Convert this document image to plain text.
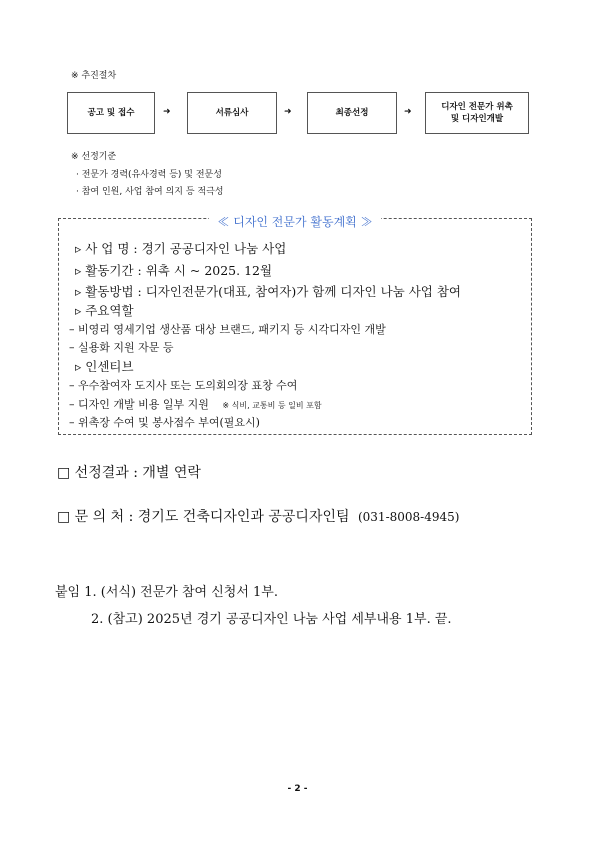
※ 추진절차
공고 및 접수	➜	서류심사	➜	최종선정	➜	디자인 전문가 위촉
및 디자인개발
※ 선정기준
· 전문가 경력(유사경력 등) 및 전문성
· 참여 인원, 사업 참여 의지 등 적극성
≪ 디자인 전문가 활동계획 ≫
▹ 사 업 명 : 경기 공공디자인 나눔 사업
▹ 활동기간 : 위촉 시 ~ 2025. 12월
▹ 활동방법 : 디자인전문가(대표, 참여자)가 함께 디자인 나눔 사업 참여
▹ 주요역할
– 비영리 영세기업 생산품 대상 브랜드, 패키지 등 시각디자인 개발
– 실용화 지원 자문 등
▹ 인센티브
– 우수참여자 도지사 또는 도의회의장 표창 수여
– 디자인 개발 비용 일부 지원 ※ 식비, 교통비 등 일비 포함
– 위촉장 수여 및 봉사점수 부여(필요시)
□ 선정결과 : 개별 연락
□ 문 의 처 : 경기도 건축디자인과 공공디자인팀 (031-8008-4945)
붙임 1. (서식) 전문가 참여 신청서 1부.
2. (참고) 2025년 경기 공공디자인 나눔 사업 세부내용 1부. 끝.
- 2 -
